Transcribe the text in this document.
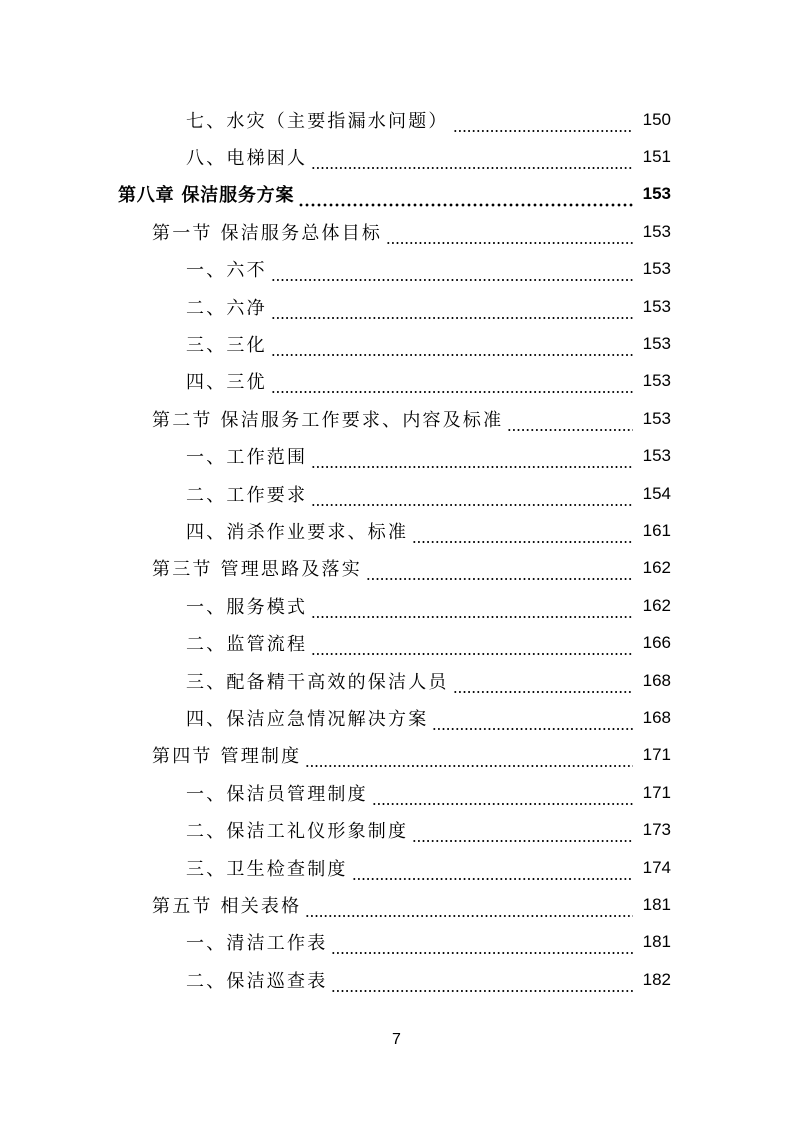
七、水灾（主要指漏水问题）	150
八、电梯困人	151
第八章 保洁服务方案	153
第一节 保洁服务总体目标	153
一、六不	153
二、六净	153
三、三化	153
四、三优	153
第二节 保洁服务工作要求、内容及标准	153
一、工作范围	153
二、工作要求	154
四、消杀作业要求、标准	161
第三节 管理思路及落实	162
一、服务模式	162
二、监管流程	166
三、配备精干高效的保洁人员	168
四、保洁应急情况解决方案	168
第四节 管理制度	171
一、保洁员管理制度	171
二、保洁工礼仪形象制度	173
三、卫生检查制度	174
第五节 相关表格	181
一、清洁工作表	181
二、保洁巡查表	182
7
